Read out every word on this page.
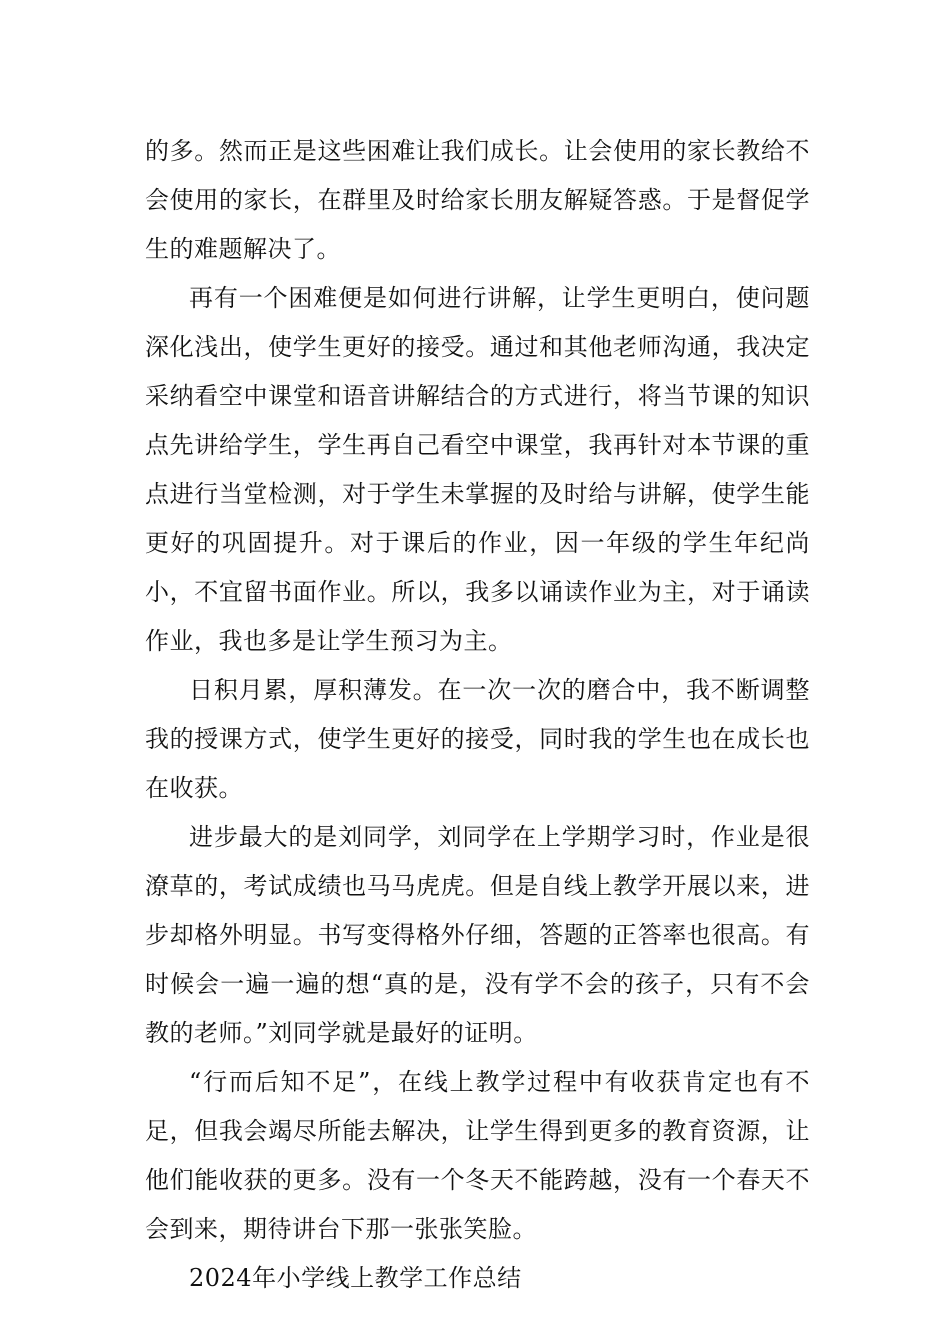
的多。然而正是这些困难让我们成长。让会使用的家长教给不会使用的家长，在群里及时给家长朋友解疑答惑。于是督促学生的难题解决了。

再有一个困难便是如何进行讲解，让学生更明白，使问题深化浅出，使学生更好的接受。通过和其他老师沟通，我决定采纳看空中课堂和语音讲解结合的方式进行，将当节课的知识点先讲给学生，学生再自己看空中课堂，我再针对本节课的重点进行当堂检测，对于学生未掌握的及时给与讲解，使学生能更好的巩固提升。对于课后的作业，因一年级的学生年纪尚小，不宜留书面作业。所以，我多以诵读作业为主，对于诵读作业，我也多是让学生预习为主。

日积月累，厚积薄发。在一次一次的磨合中，我不断调整我的授课方式，使学生更好的接受，同时我的学生也在成长也在收获。

进步最大的是刘同学，刘同学在上学期学习时，作业是很潦草的，考试成绩也马马虎虎。但是自线上教学开展以来，进步却格外明显。书写变得格外仔细，答题的正答率也很高。有时候会一遍一遍的想“真的是，没有学不会的孩子，只有不会教的老师。”刘同学就是最好的证明。

“行而后知不足”，在线上教学过程中有收获肯定也有不足，但我会竭尽所能去解决，让学生得到更多的教育资源，让他们能收获的更多。没有一个冬天不能跨越，没有一个春天不会到来，期待讲台下那一张张笑脸。

2024年小学线上教学工作总结
